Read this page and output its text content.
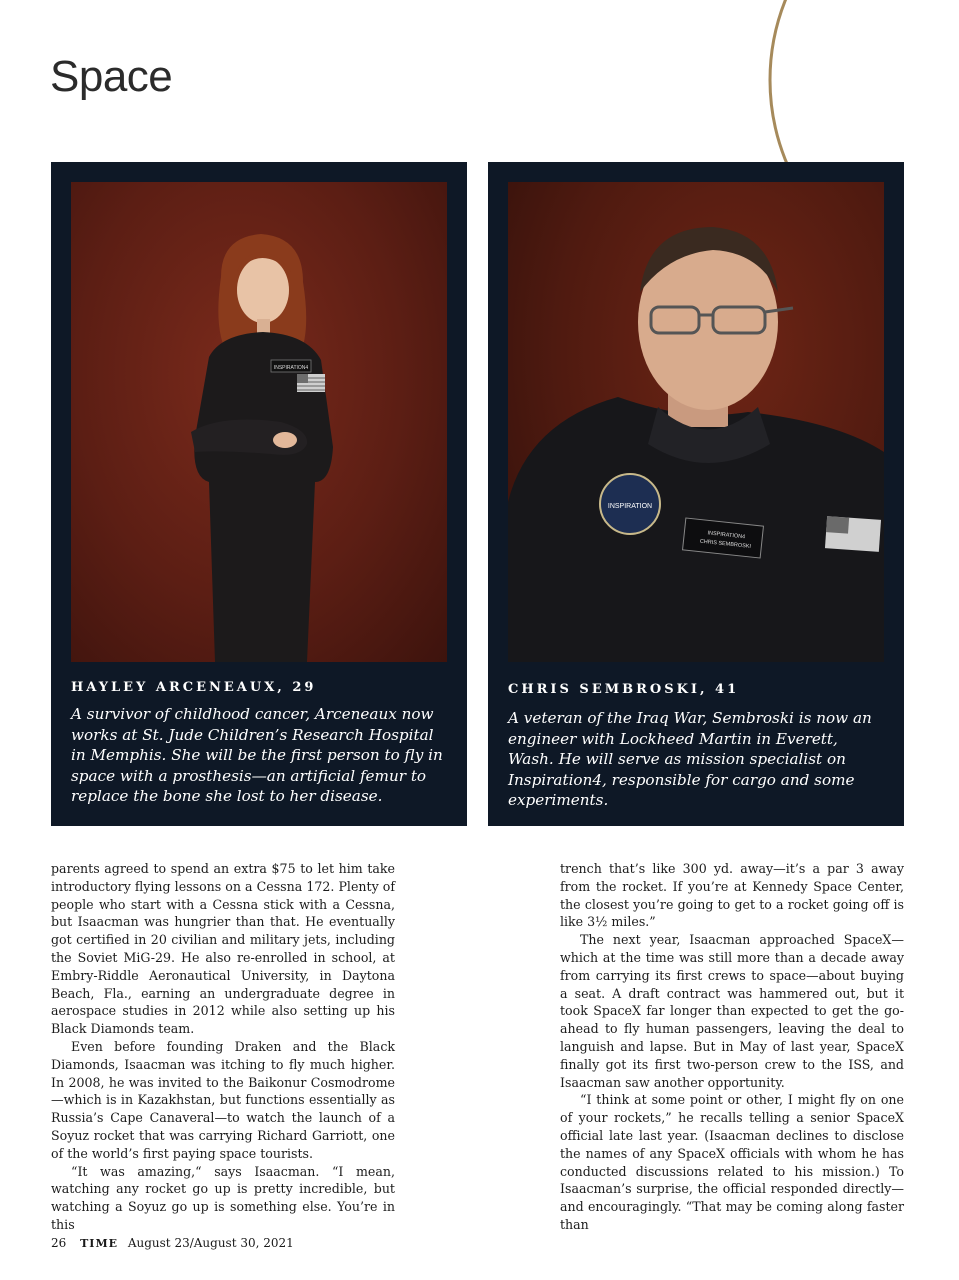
Space
INSPIRATION4
HAYLEY ARCENEAUX, 29

A survivor of childhood cancer, Arceneaux now works at St. Jude Children’s Research Hospital in Memphis. She will be the first person to fly in space with a prosthesis—an artificial femur to replace the bone she lost to her disease.

INSPIRATION
INSPIRATION4
CHRIS SEMBROSKI
CHRIS SEMBROSKI, 41

A veteran of the Iraq War, Sembroski is now an engineer with Lockheed Martin in Everett, Wash. He will serve as mission specialist on Inspiration4, responsible for cargo and some experiments.

parents agreed to spend an extra $75 to let him take introductory flying lessons on a Cessna 172. Plenty of people who start with a Cessna stick with a Cessna, but Isaacman was hungrier than that. He eventually got certified in 20 civilian and military jets, including the Soviet MiG-29. He also re-enrolled in school, at Embry-Riddle Aeronautical University, in Daytona Beach, Fla., earning an undergraduate degree in aerospace studies in 2012 while also setting up his Black Diamonds team.

Even before founding Draken and the Black Diamonds, Isaacman was itching to fly much higher. In 2008, he was invited to the Baikonur Cosmodrome—which is in Kazakhstan, but functions essentially as Russia’s Cape Canaveral—to watch the launch of a Soyuz rocket that was carrying Richard Garriott, one of the world’s first paying space tourists.

“It was amazing,“ says Isaacman. “I mean, watching any rocket go up is pretty incredible, but watching a Soyuz go up is something else. You’re in this

trench that’s like 300 yd. away—it’s a par 3 away from the rocket. If you’re at Kennedy Space Center, the closest you’re going to get to a rocket going off is like 3½ miles.”

The next year, Isaacman approached SpaceX—which at the time was still more than a decade away from carrying its first crews to space—about buying a seat. A draft contract was hammered out, but it took SpaceX far longer than expected to get the go-ahead to fly human passengers, leaving the deal to languish and lapse. But in May of last year, SpaceX finally got its first two-person crew to the ISS, and Isaacman saw another opportunity.

“I think at some point or other, I might fly on one of your rockets,” he recalls telling a senior SpaceX official late last year. (Isaacman declines to disclose the names of any SpaceX officials with whom he has conducted discussions related to his mission.) To Isaacman’s surprise, the official responded directly—and encouragingly. “That may be coming along faster than

26 TIME August 23/August 30, 2021
